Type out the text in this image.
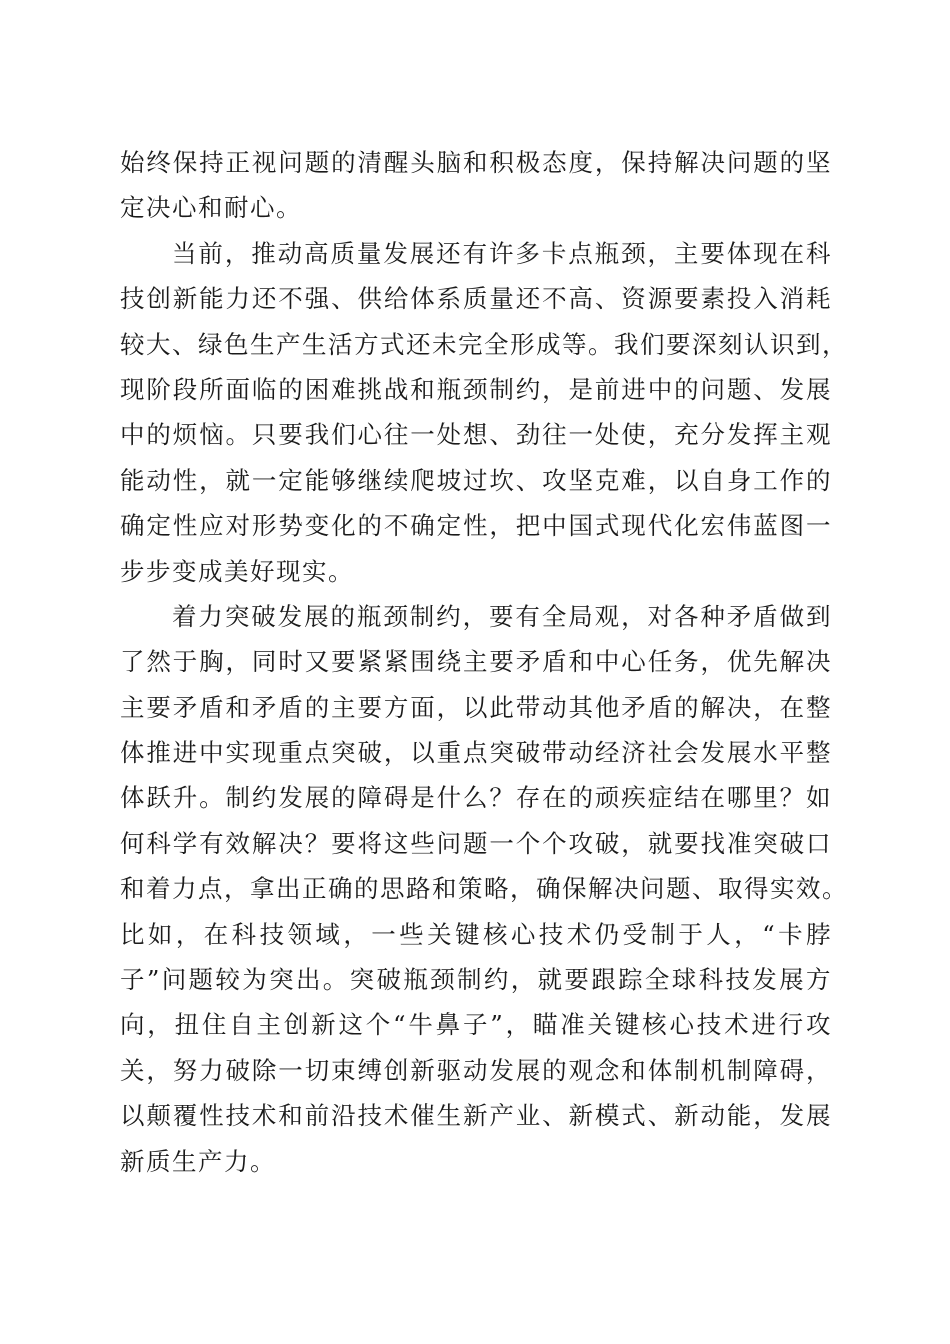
始终保持正视问题的清醒头脑和积极态度，保持解决问题的坚
定决心和耐心。
当前，推动高质量发展还有许多卡点瓶颈，主要体现在科
技创新能力还不强、供给体系质量还不高、资源要素投入消耗
较大、绿色生产生活方式还未完全形成等。我们要深刻认识到，
现阶段所面临的困难挑战和瓶颈制约，是前进中的问题、发展
中的烦恼。只要我们心往一处想、劲往一处使，充分发挥主观
能动性，就一定能够继续爬坡过坎、攻坚克难，以自身工作的
确定性应对形势变化的不确定性，把中国式现代化宏伟蓝图一
步步变成美好现实。
着力突破发展的瓶颈制约，要有全局观，对各种矛盾做到
了然于胸，同时又要紧紧围绕主要矛盾和中心任务，优先解决
主要矛盾和矛盾的主要方面，以此带动其他矛盾的解决，在整
体推进中实现重点突破，以重点突破带动经济社会发展水平整
体跃升。制约发展的障碍是什么？存在的顽疾症结在哪里？如
何科学有效解决？要将这些问题一个个攻破，就要找准突破口
和着力点，拿出正确的思路和策略，确保解决问题、取得实效。
比如，在科技领域，一些关键核心技术仍受制于人，“卡脖
子”问题较为突出。突破瓶颈制约，就要跟踪全球科技发展方
向，扭住自主创新这个“牛鼻子”，瞄准关键核心技术进行攻
关，努力破除一切束缚创新驱动发展的观念和体制机制障碍，
以颠覆性技术和前沿技术催生新产业、新模式、新动能，发展
新质生产力。
